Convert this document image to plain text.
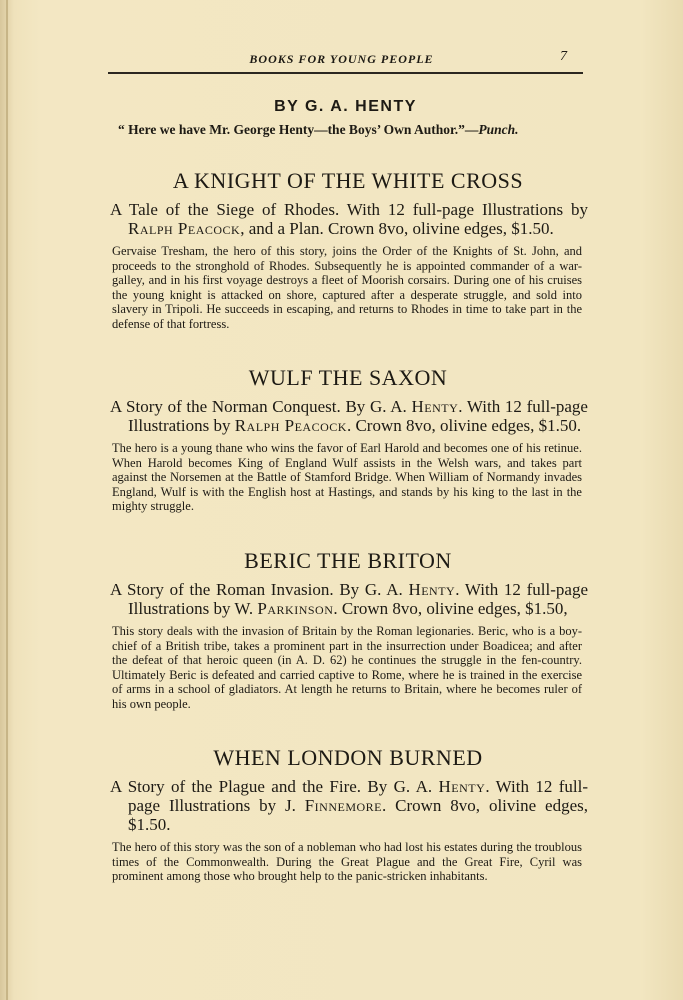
BOOKS FOR YOUNG PEOPLE	7
BY G. A. HENTY
“ Here we have Mr. George Henty—the Boys’ Own Author.”—Punch.
A KNIGHT OF THE WHITE CROSS
A Tale of the Siege of Rhodes. With 12 full-page Illustrations by Ralph Peacock, and a Plan. Crown 8vo, olivine edges, $1.50.
Gervaise Tresham, the hero of this story, joins the Order of the Knights of St. John, and proceeds to the stronghold of Rhodes. Subsequently he is appointed commander of a war-galley, and in his first voyage destroys a fleet of Moorish corsairs. During one of his cruises the young knight is attacked on shore, captured after a desperate struggle, and sold into slavery in Tripoli. He succeeds in escaping, and returns to Rhodes in time to take part in the defense of that fortress.
WULF THE SAXON
A Story of the Norman Conquest. By G. A. Henty. With 12 full-page Illustrations by Ralph Peacock. Crown 8vo, olivine edges, $1.50.
The hero is a young thane who wins the favor of Earl Harold and becomes one of his retinue. When Harold becomes King of England Wulf assists in the Welsh wars, and takes part against the Norsemen at the Battle of Stamford Bridge. When William of Normandy invades England, Wulf is with the English host at Hastings, and stands by his king to the last in the mighty struggle.
BERIC THE BRITON
A Story of the Roman Invasion. By G. A. Henty. With 12 full-page Illustrations by W. Parkinson. Crown 8vo, olivine edges, $1.50,
This story deals with the invasion of Britain by the Roman legionaries. Beric, who is a boy-chief of a British tribe, takes a prominent part in the insurrection under Boadicea; and after the defeat of that heroic queen (in A. D. 62) he continues the struggle in the fen-country. Ultimately Beric is defeated and carried captive to Rome, where he is trained in the exercise of arms in a school of gladiators. At length he returns to Britain, where he becomes ruler of his own people.
WHEN LONDON BURNED
A Story of the Plague and the Fire. By G. A. Henty. With 12 full-page Illustrations by J. Finnemore. Crown 8vo, olivine edges, $1.50.
The hero of this story was the son of a nobleman who had lost his estates during the troublous times of the Commonwealth. During the Great Plague and the Great Fire, Cyril was prominent among those who brought help to the panic-stricken inhabitants.
